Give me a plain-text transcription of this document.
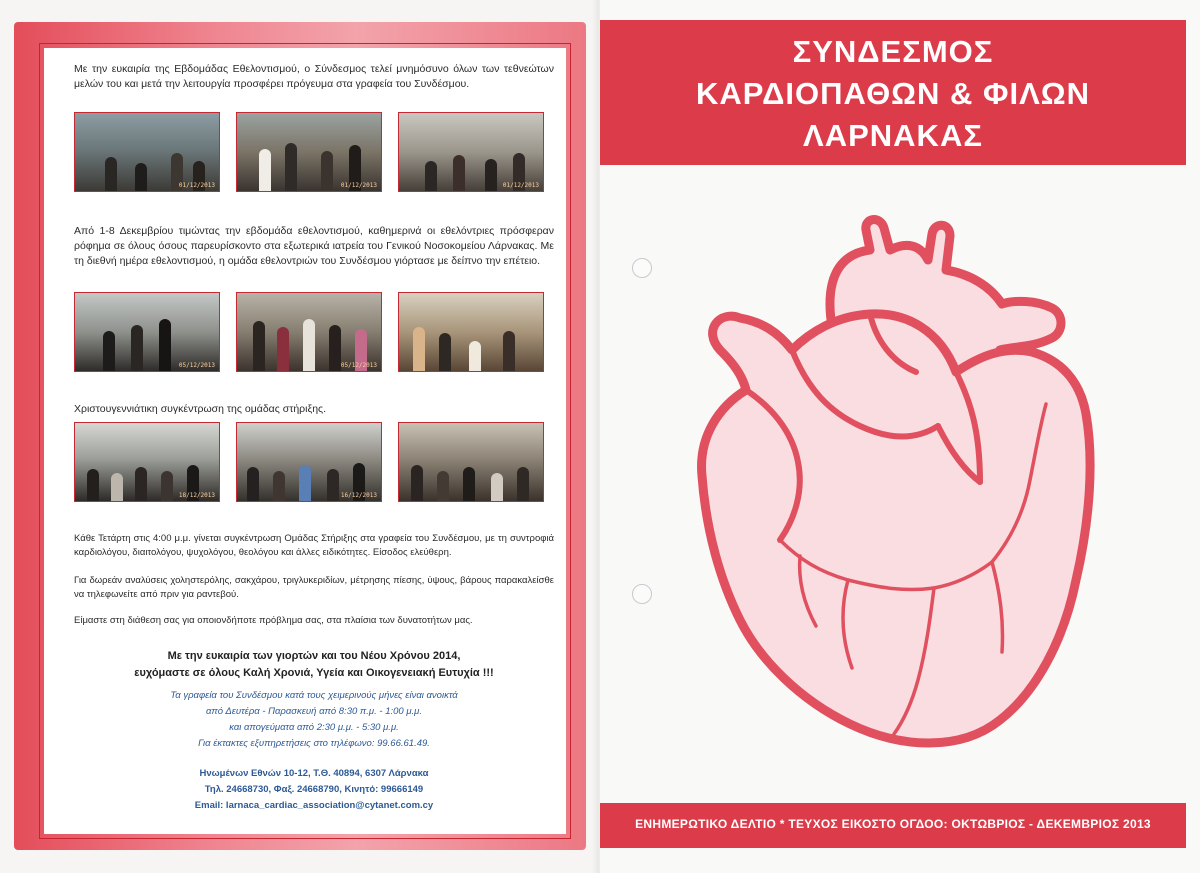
Με την ευκαιρία της Εβδομάδας Εθελοντισμού, ο Σύνδεσμος τελεί μνημόσυνο όλων των τεθνεώτων μελών του και μετά την λειτουργία προσφέρει πρόγευμα στα γραφεία του Συνδέσμου.
01/12/2013	01/12/2013	01/12/2013
Από 1-8 Δεκεμβρίου τιμώντας την εβδομάδα εθελοντισμού, καθημερινά οι εθελόντριες πρόσφεραν ρόφημα σε όλους όσους παρευρίσκοντο στα εξωτερικά ιατρεία του Γενικού Νοσοκομείου Λάρνακας. Με τη διεθνή ημέρα εθελοντισμού, η ομάδα εθελοντριών του Συνδέσμου γιόρτασε με δείπνο την επέτειο.
05/12/2013	05/12/2013
Χριστουγεννιάτικη συγκέντρωση της ομάδας στήριξης.
18/12/2013	16/12/2013
Κάθε Τετάρτη στις 4:00 μ.μ. γίνεται συγκέντρωση Ομάδας Στήριξης στα γραφεία του Συνδέσμου, με τη συντροφιά καρδιολόγου, διαιτολόγου, ψυχολόγου, θεολόγου και άλλες ειδικότητες. Είσοδος ελεύθερη.
Για δωρεάν αναλύσεις χοληστερόλης, σακχάρου, τριγλυκεριδίων, μέτρησης πίεσης, ύψους, βάρους παρακαλείσθε να τηλεφωνείτε από πριν για ραντεβού.
Είμαστε στη διάθεση σας για οποιονδήποτε πρόβλημα σας, στα πλαίσια των δυνατοτήτων μας.
Με την ευκαιρία των γιορτών και του Νέου Χρόνου 2014,
ευχόμαστε σε όλους Καλή Χρονιά, Υγεία και Οικογενειακή Ευτυχία !!!
Τα γραφεία του Συνδέσμου κατά τους χειμερινούς μήνες είναι ανοικτά
από Δευτέρα - Παρασκευή από 8:30 π.μ. - 1:00 μ.μ.
και απογεύματα από 2:30 μ.μ. - 5:30 μ.μ.
Για έκτακτες εξυπηρετήσεις στο τηλέφωνο: 99.66.61.49.
Ηνωμένων Εθνών 10-12, Τ.Θ. 40894, 6307 Λάρνακα
Τηλ. 24668730, Φαξ. 24668790, Κινητό: 99666149
Email: larnaca_cardiac_association@cytanet.com.cy
ΣΥΝΔΕΣΜΟΣ
ΚΑΡΔΙΟΠΑΘΩΝ & ΦΙΛΩΝ
ΛΑΡΝΑΚΑΣ
ΕΝΗΜΕΡΩΤΙΚΟ ΔΕΛΤΙΟ * ΤΕΥΧΟΣ ΕΙΚΟΣΤΟ ΟΓΔΟΟ: ΟΚΤΩΒΡΙΟΣ - ΔΕΚΕΜΒΡΙΟΣ 2013
